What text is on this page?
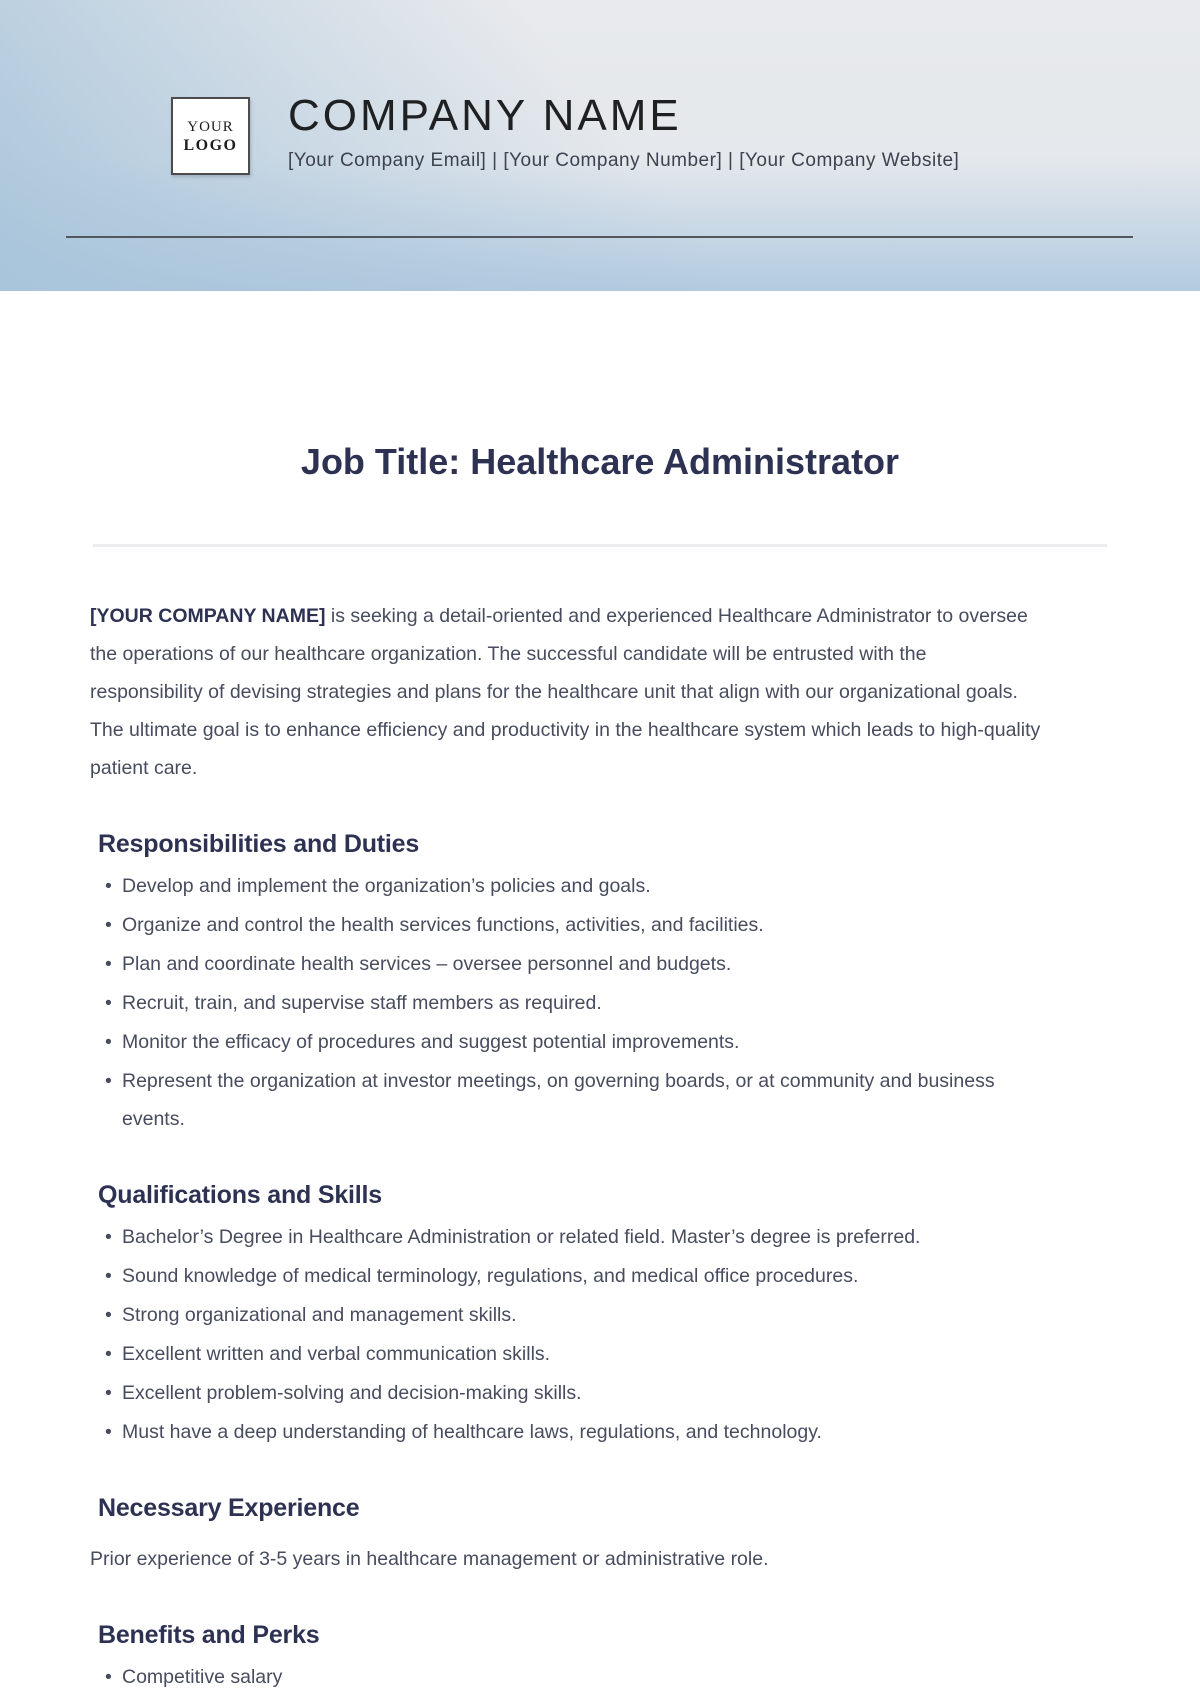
YOUR
LOGO
COMPANY NAME
[Your Company Email] | [Your Company Number] | [Your Company Website]
Job Title: Healthcare Administrator

[YOUR COMPANY NAME] is seeking a detail-oriented and experienced Healthcare Administrator to oversee the operations of our healthcare organization. The successful candidate will be entrusted with the responsibility of devising strategies and plans for the healthcare unit that align with our organizational goals. The ultimate goal is to enhance efficiency and productivity in the healthcare system which leads to high-quality patient care.

Responsibilities and Duties
• Develop and implement the organization’s policies and goals.
• Organize and control the health services functions, activities, and facilities.
• Plan and coordinate health services – oversee personnel and budgets.
• Recruit, train, and supervise staff members as required.
• Monitor the efficacy of procedures and suggest potential improvements.
• Represent the organization at investor meetings, on governing boards, or at community and business events.
Qualifications and Skills
• Bachelor’s Degree in Healthcare Administration or related field. Master’s degree is preferred.
• Sound knowledge of medical terminology, regulations, and medical office procedures.
• Strong organizational and management skills.
• Excellent written and verbal communication skills.
• Excellent problem-solving and decision-making skills.
• Must have a deep understanding of healthcare laws, regulations, and technology.
Necessary Experience

Prior experience of 3-5 years in healthcare management or administrative role.

Benefits and Perks
• Competitive salary
